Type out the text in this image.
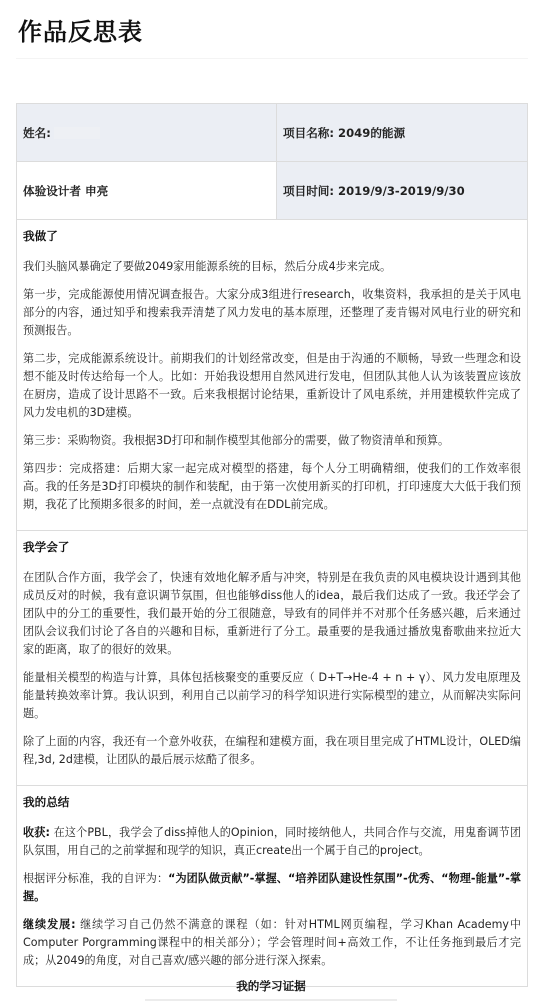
作品反思表
姓名:	项目名称: 2049的能源
体验设计者 申亮	项目时间: 2019/9/3-2019/9/30
我做了

我们头脑风暴确定了要做2049家用能源系统的目标，然后分成4步来完成。

第一步，完成能源使用情况调查报告。大家分成3组进行research，收集资料，我承担的是关于风电部分的内容，通过知乎和搜索我弄清楚了风力发电的基本原理，还整理了麦肯锡对风电行业的研究和预测报告。

第二步，完成能源系统设计。前期我们的计划经常改变，但是由于沟通的不顺畅，导致一些理念和设想不能及时传达给每一个人。比如：开始我设想用自然风进行发电，但团队其他人认为该装置应该放在厨房，造成了设计思路不一致。后来我根据讨论结果，重新设计了风电系统，并用建模软件完成了风力发电机的3D建模。

第三步：采购物资。我根据3D打印和制作模型其他部分的需要，做了物资清单和预算。

第四步：完成搭建：后期大家一起完成对模型的搭建，每个人分工明确精细，使我们的工作效率很高。我的任务是3D打印模块的制作和装配，由于第一次使用新买的打印机，打印速度大大低于我们预期，我花了比预期多很多的时间，差一点就没有在DDL前完成。

我学会了

在团队合作方面，我学会了，快速有效地化解矛盾与冲突，特别是在我负责的风电模块设计遇到其他成员反对的时候，我有意识调节氛围，但也能够diss他人的idea，最后我们达成了一致。我还学会了团队中的分工的重要性，我们最开始的分工很随意，导致有的同伴并不对那个任务感兴趣，后来通过团队会议我们讨论了各自的兴趣和目标，重新进行了分工。最重要的是我通过播放鬼畜歌曲来拉近大家的距离，取了的很好的效果。

能量相关模型的构造与计算，具体包括核聚变的重要反应（ D+T→He-4 + n + γ）、风力发电原理及能量转换效率计算。我认识到，利用自己以前学习的科学知识进行实际模型的建立，从而解决实际问题。

除了上面的内容，我还有一个意外收获，在编程和建模方面，我在项目里完成了HTML设计，OLED编程,3d, 2d建模，让团队的最后展示炫酷了很多。

我的总结

收获: 在这个PBL，我学会了diss掉他人的Opinion，同时接纳他人，共同合作与交流，用鬼畜调节团队氛围，用自己的之前掌握和现学的知识，真正create出一个属于自己的project。

根据评分标准，我的自评为：“为团队做贡献”-掌握、“培养团队建设性氛围”-优秀、“物理-能量”-掌握。

继续发展: 继续学习自己仍然不满意的课程（如：针对HTML网页编程，学习Khan Academy中Computer Porgramming课程中的相关部分）；学会管理时间+高效工作，不让任务拖到最后才完成；从2049的角度，对自己喜欢/感兴趣的部分进行深入探索。

我的学习证据
